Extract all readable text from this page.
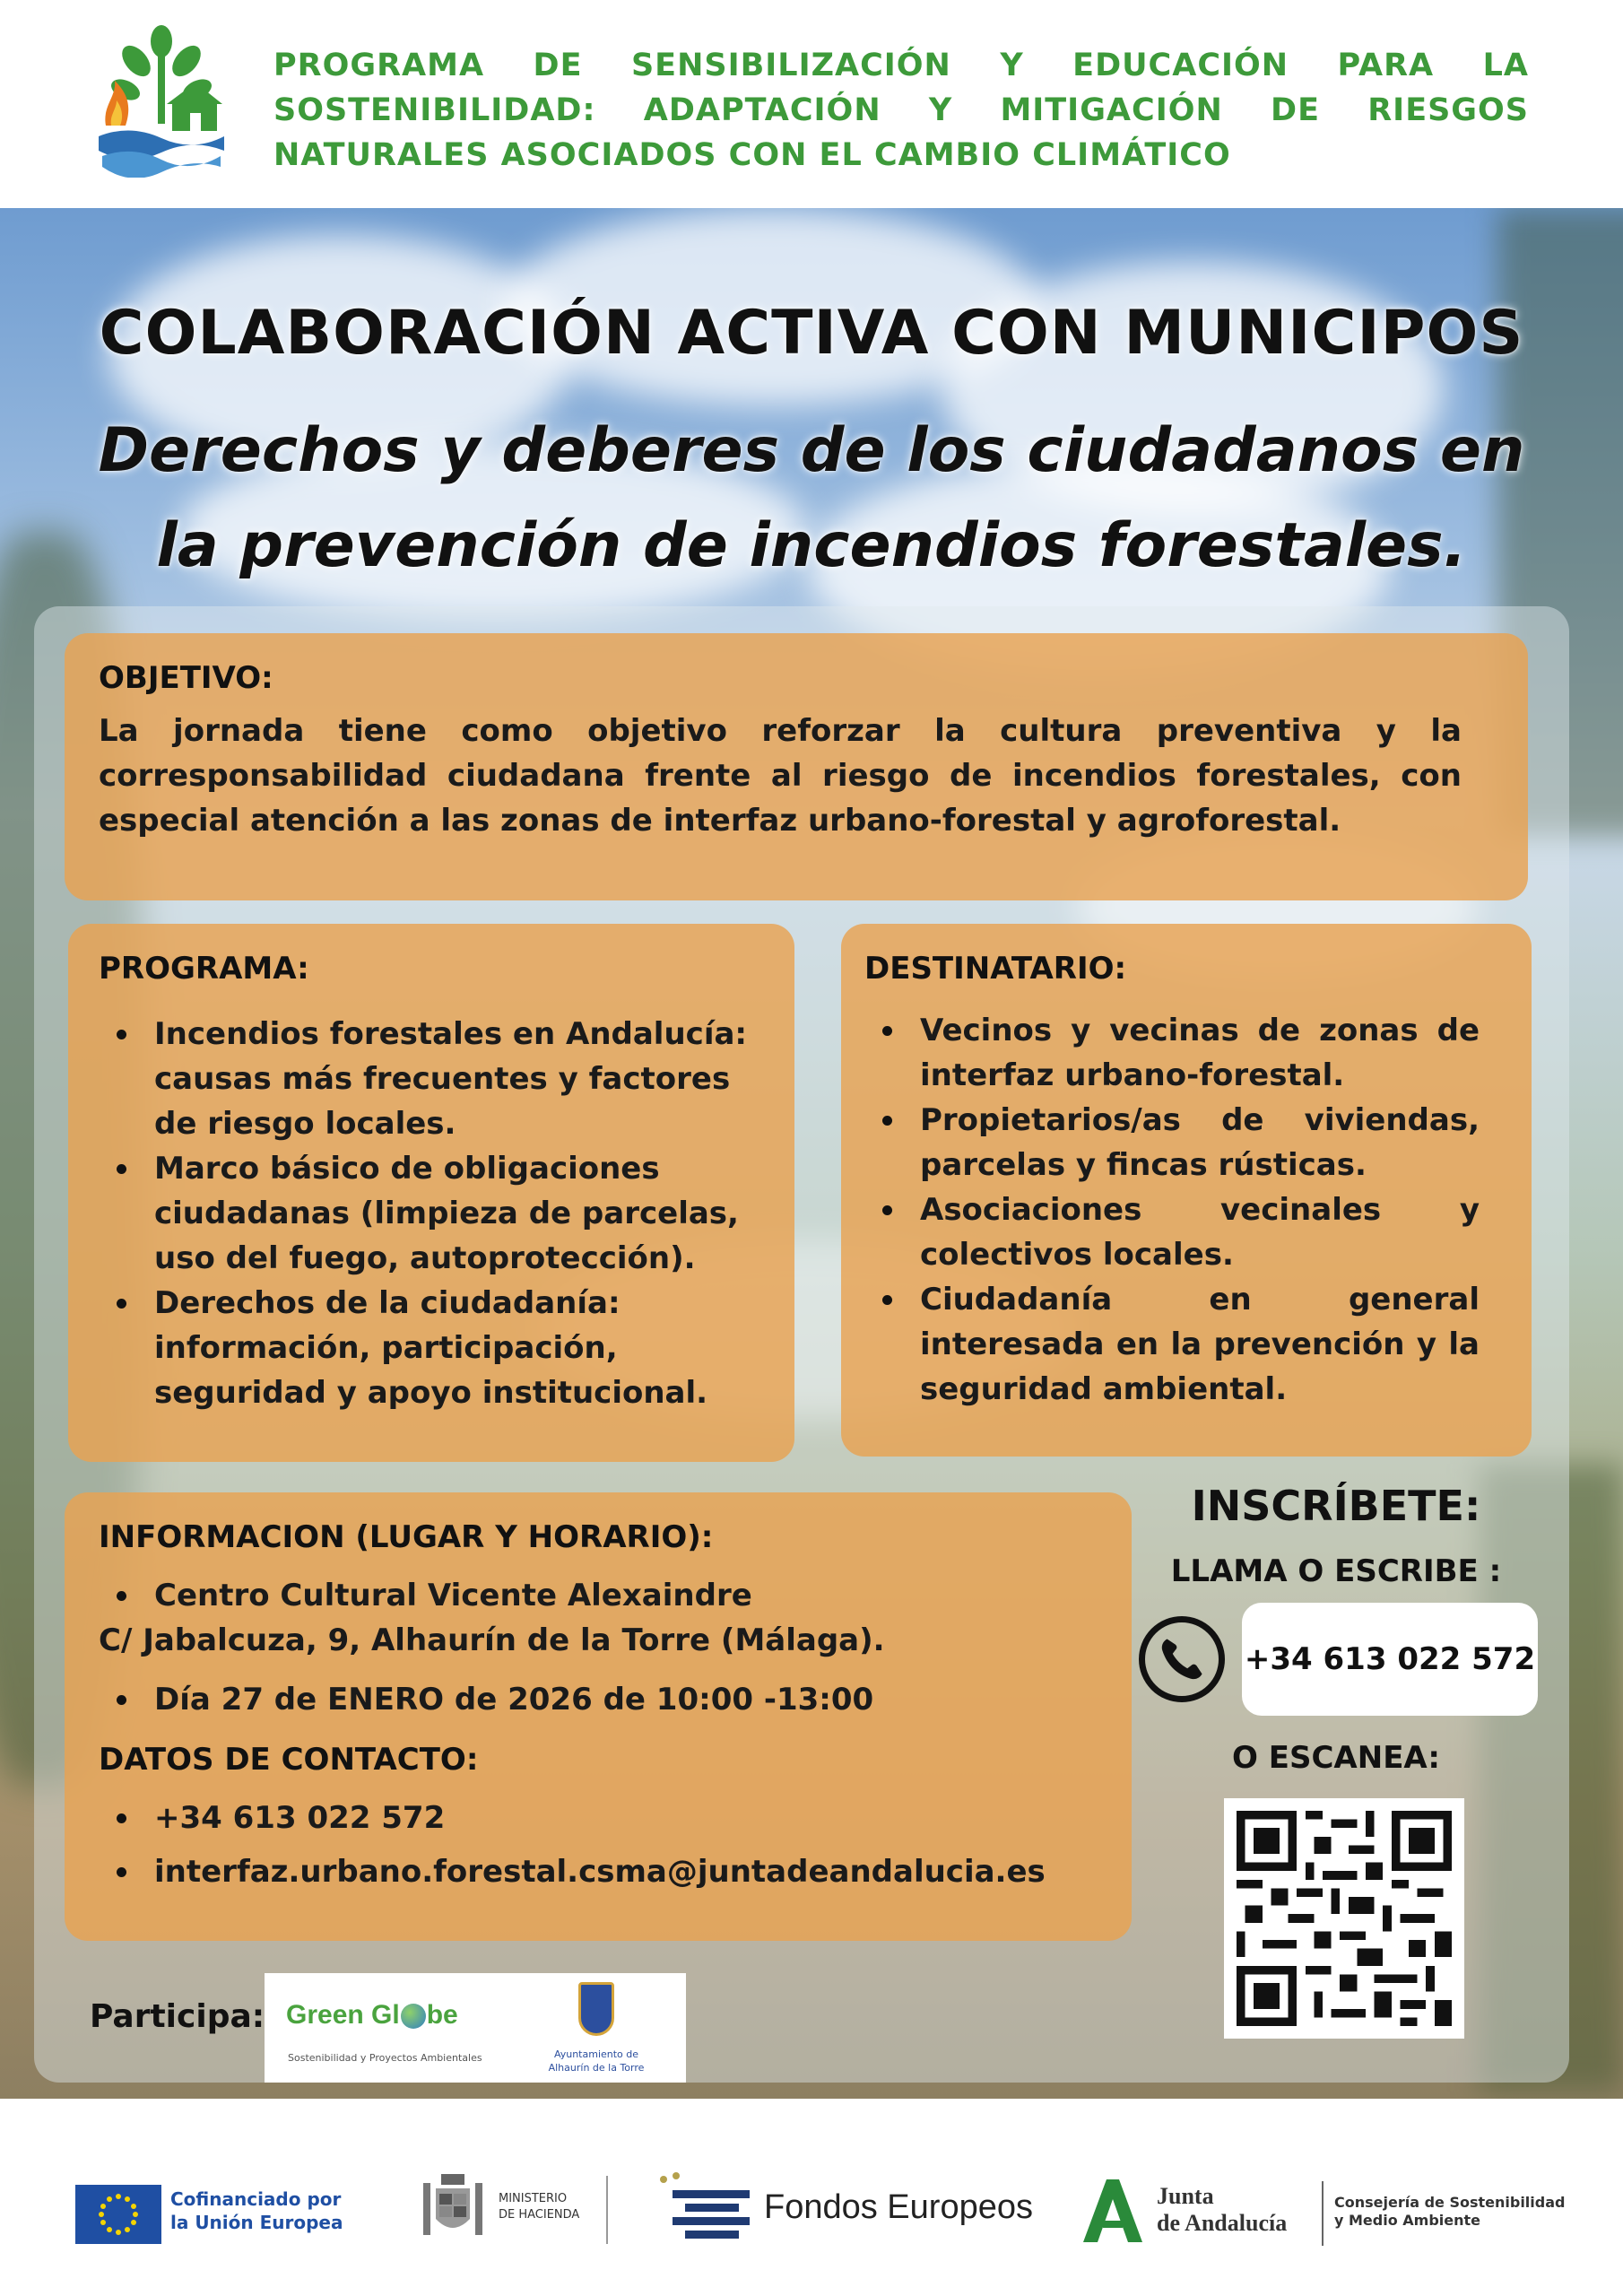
PROGRAMA DE SENSIBILIZACIÓN Y EDUCACIÓN PARA LA SOSTENIBILIDAD: ADAPTACIÓN Y MITIGACIÓN DE RIESGOS NATURALES ASOCIADOS CON EL CAMBIO CLIMÁTICO
COLABORACIÓN ACTIVA CON MUNICIPOS
Derechos y deberes de los ciudadanos en la prevención de incendios forestales.
OBJETIVO:
La jornada tiene como objetivo reforzar la cultura preventiva y la corresponsabilidad ciudadana frente al riesgo de incendios forestales, con especial atención a las zonas de interfaz urbano-forestal y agroforestal.
PROGRAMA:
Incendios forestales en Andalucía: causas más frecuentes y factores de riesgo locales.
Marco básico de obligaciones ciudadanas (limpieza de parcelas, uso del fuego, autoprotección).
Derechos de la ciudadanía: información, participación, seguridad y apoyo institucional.
DESTINATARIO:
Vecinos y vecinas de zonas de interfaz urbano-forestal.
Propietarios/as de viviendas, parcelas y fincas rústicas.
Asociaciones vecinales y colectivos locales.
Ciudadanía en general interesada en la prevención y la seguridad ambiental.
INFORMACION (LUGAR Y HORARIO):
Centro Cultural Vicente Alexaindre
C/ Jabalcuza, 9, Alhaurín de la Torre (Málaga).
Día 27 de ENERO de 2026 de 10:00 -13:00
DATOS DE CONTACTO:
+34 613 022 572
interfaz.urbano.forestal.csma@juntadeandalucia.es
INSCRÍBETE:
LLAMA O ESCRIBE :
+34 613 022 572
O ESCANEA:
Participa: Green Gl be
Sostenibilidad y Proyectos Ambientales	Ayuntamiento de
Alhaurín de la Torre
Cofinanciado por
la Unión Europea
MINISTERIO
DE HACIENDA	Fondos Europeos	Junta
de Andalucía
Consejería de Sostenibilidad
y Medio Ambiente
